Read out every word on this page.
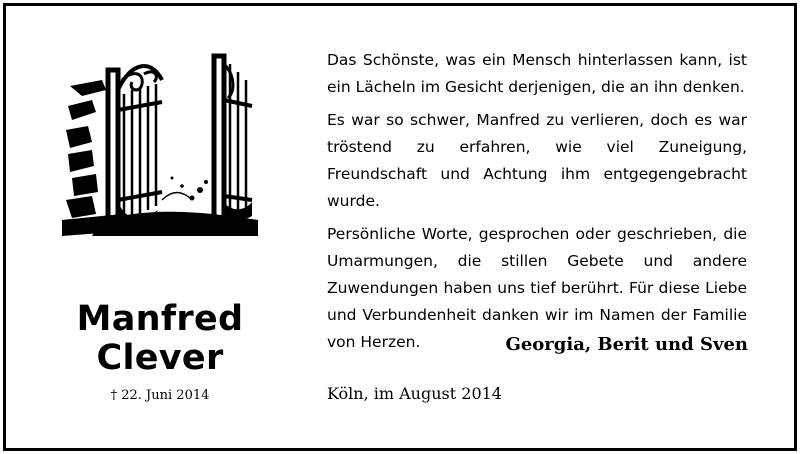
Manfred
Clever
† 22. Juni 2014

Das Schönste, was ein Mensch hinterlassen kann, ist ein Lächeln im Gesicht derjenigen, die an ihn denken.

Es war so schwer, Manfred zu verlieren, doch es war tröstend zu erfahren, wie viel Zuneigung, Freundschaft und Achtung ihm entgegengebracht wurde.

Persönliche Worte, gesprochen oder geschrieben, die Umarmungen, die stillen Gebete und andere Zuwendungen haben uns tief berührt. Für diese Liebe und Verbundenheit danken wir im Namen der Familie von Herzen.	Georgia, Berit und Sven
Köln, im August 2014
